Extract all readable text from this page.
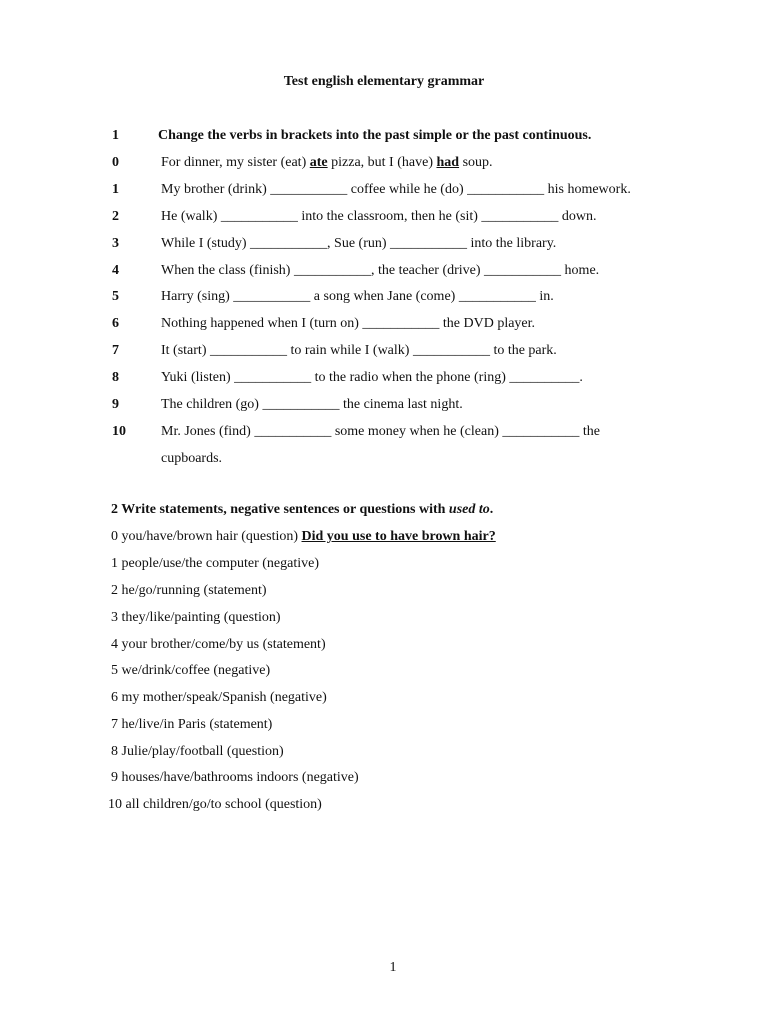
Test english elementary grammar
1	Change the verbs in brackets into the past simple or the past continuous.
0	For dinner, my sister (eat) ate pizza, but I (have) had soup.
1	My brother (drink) ___________ coffee while he (do) ___________ his homework.
2	He (walk) ___________ into the classroom, then he (sit) ___________ down.
3	While I (study) ___________, Sue (run) ___________ into the library.
4	When the class (finish) ___________, the teacher (drive) ___________ home.
5	Harry (sing) ___________ a song when Jane (come) ___________ in.
6	Nothing happened when I (turn on) ___________ the DVD player.
7	It (start) ___________ to rain while I (walk) ___________ to the park.
8	Yuki (listen) ___________ to the radio when the phone (ring) __________.
9	The children (go) ___________ the cinema last night.
10	Mr. Jones (find) ___________ some money when he (clean) ___________ the
cupboards.
2 Write statements, negative sentences or questions with used to.
0 you/have/brown hair (question) Did you use to have brown hair?
1 people/use/the computer (negative)
2 he/go/running (statement)
3 they/like/painting (question)
4 your brother/come/by us (statement)
5 we/drink/coffee (negative)
6 my mother/speak/Spanish (negative)
7 he/live/in Paris (statement)
8 Julie/play/football (question)
9 houses/have/bathrooms indoors (negative)
10 all children/go/to school (question)
1
